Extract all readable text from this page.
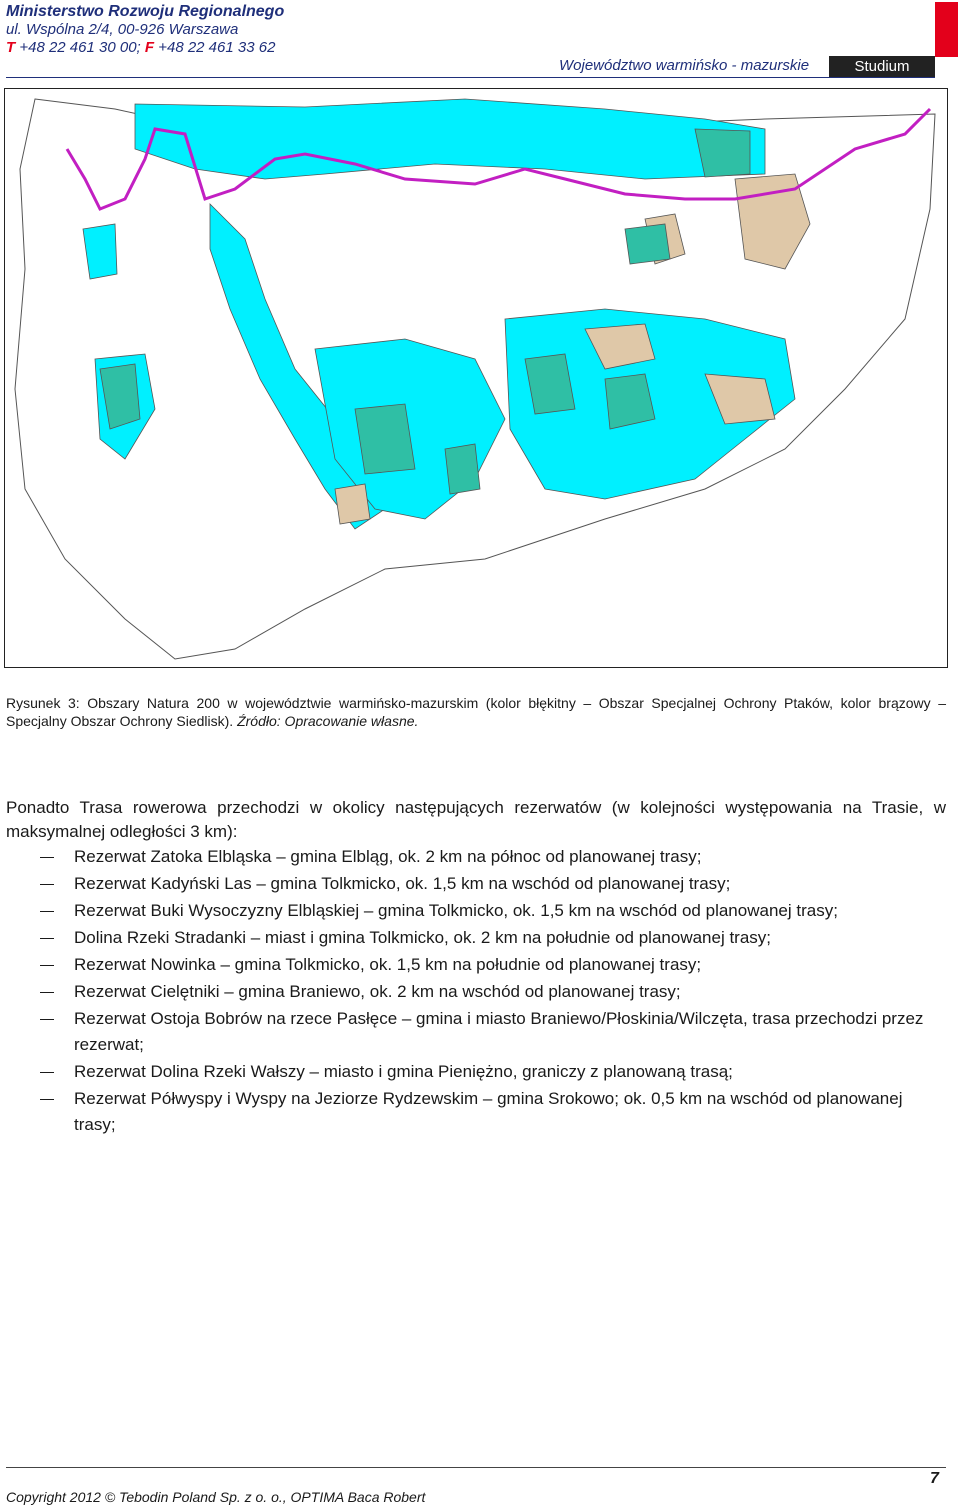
Ministerstwo Rozwoju Regionalnego
ul. Wspólna 2/4, 00-926 Warszawa
T +48 22 461 30 00; F +48 22 461 33 62
Województwo warmińsko - mazurskie	Studium
Rysunek 3: Obszary Natura 200 w województwie warmińsko-mazurskim (kolor błękitny – Obszar Specjalnej Ochrony Ptaków, kolor brązowy – Specjalny Obszar Ochrony Siedlisk). Źródło: Opracowanie własne.
Ponadto Trasa rowerowa przechodzi w okolicy następujących rezerwatów (w kolejności występowania na Trasie, w maksymalnej odległości 3 km):
Rezerwat Zatoka Elbląska – gmina Elbląg, ok. 2 km na północ od planowanej trasy;
Rezerwat Kadyński Las – gmina Tolkmicko, ok. 1,5 km na wschód od planowanej trasy;
Rezerwat Buki Wysoczyzny Elbląskiej – gmina Tolkmicko, ok. 1,5 km na wschód od planowanej trasy;
Dolina Rzeki Stradanki – miast i gmina Tolkmicko, ok. 2 km na południe od planowanej trasy;
Rezerwat Nowinka – gmina Tolkmicko, ok. 1,5 km na południe od planowanej trasy;
Rezerwat Cielętniki – gmina Braniewo, ok. 2 km na wschód od planowanej trasy;
Rezerwat Ostoja Bobrów na rzece Pasłęce – gmina i miasto Braniewo/Płoskinia/Wilczęta, trasa przechodzi przez rezerwat;
Rezerwat Dolina Rzeki Wałszy – miasto i gmina Pieniężno, graniczy z planowaną trasą;
Rezerwat Półwyspy i Wyspy na Jeziorze Rydzewskim – gmina Srokowo; ok. 0,5 km na wschód od planowanej trasy;
Copyright 2012 © Tebodin Poland Sp. z o. o., OPTIMA Baca Robert
7
